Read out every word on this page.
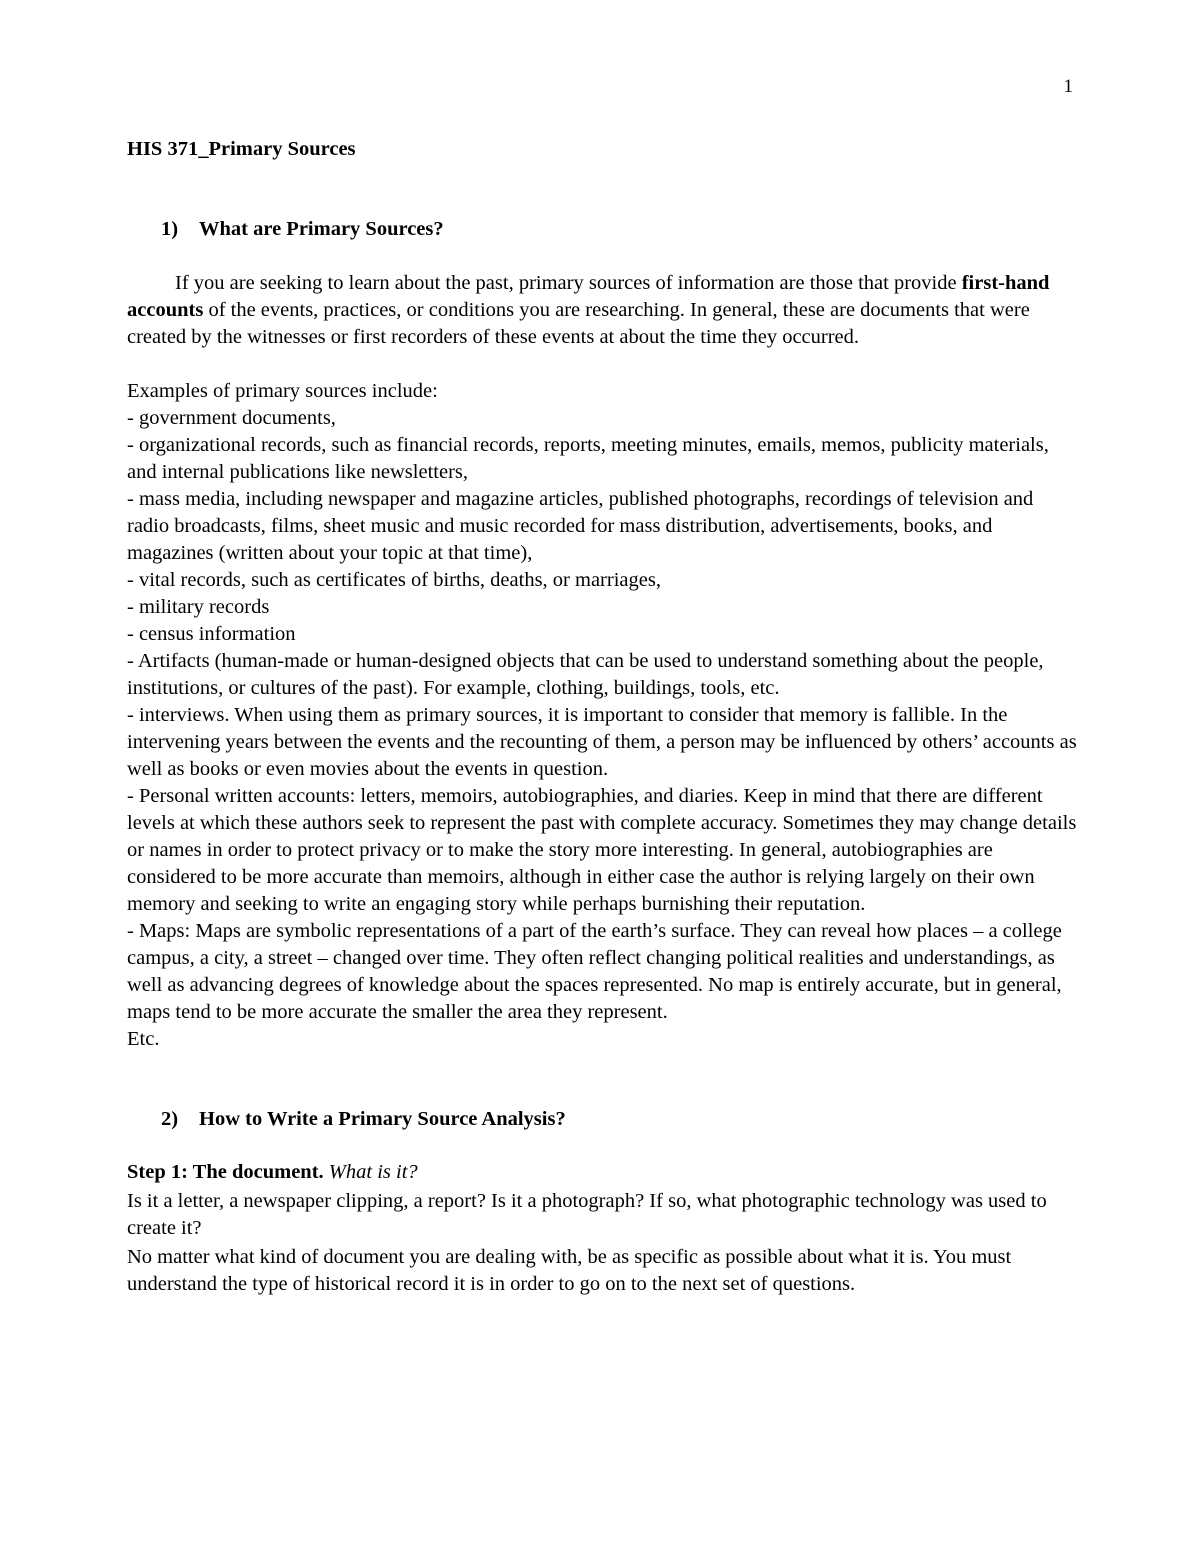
1

HIS 371_Primary Sources

1) What are Primary Sources?

If you are seeking to learn about the past, primary sources of information are those that provide first-hand accounts of the events, practices, or conditions you are researching. In general, these are documents that were created by the witnesses or first recorders of these events at about the time they occurred.

Examples of primary sources include:

- government documents,
- organizational records, such as financial records, reports, meeting minutes, emails, memos, publicity materials, and internal publications like newsletters,
- mass media, including newspaper and magazine articles, published photographs, recordings of television and radio broadcasts, films, sheet music and music recorded for mass distribution, advertisements, books, and magazines (written about your topic at that time),
- vital records, such as certificates of births, deaths, or marriages,
- military records
- census information
- Artifacts (human-made or human-designed objects that can be used to understand something about the people, institutions, or cultures of the past). For example, clothing, buildings, tools, etc.
- interviews. When using them as primary sources, it is important to consider that memory is fallible. In the intervening years between the events and the recounting of them, a person may be influenced by others’ accounts as well as books or even movies about the events in question.
- Personal written accounts: letters, memoirs, autobiographies, and diaries. Keep in mind that there are different levels at which these authors seek to represent the past with complete accuracy. Sometimes they may change details or names in order to protect privacy or to make the story more interesting. In general, autobiographies are considered to be more accurate than memoirs, although in either case the author is relying largely on their own memory and seeking to write an engaging story while perhaps burnishing their reputation.
- Maps: Maps are symbolic representations of a part of the earth’s surface. They can reveal how places – a college campus, a city, a street – changed over time. They often reflect changing political realities and understandings, as well as advancing degrees of knowledge about the spaces represented. No map is entirely accurate, but in general, maps tend to be more accurate the smaller the area they represent.

Etc.

2) How to Write a Primary Source Analysis?

Step 1: The document. What is it?

Is it a letter, a newspaper clipping, a report? Is it a photograph? If so, what photographic technology was used to create it?

No matter what kind of document you are dealing with, be as specific as possible about what it is. You must understand the type of historical record it is in order to go on to the next set of questions.
